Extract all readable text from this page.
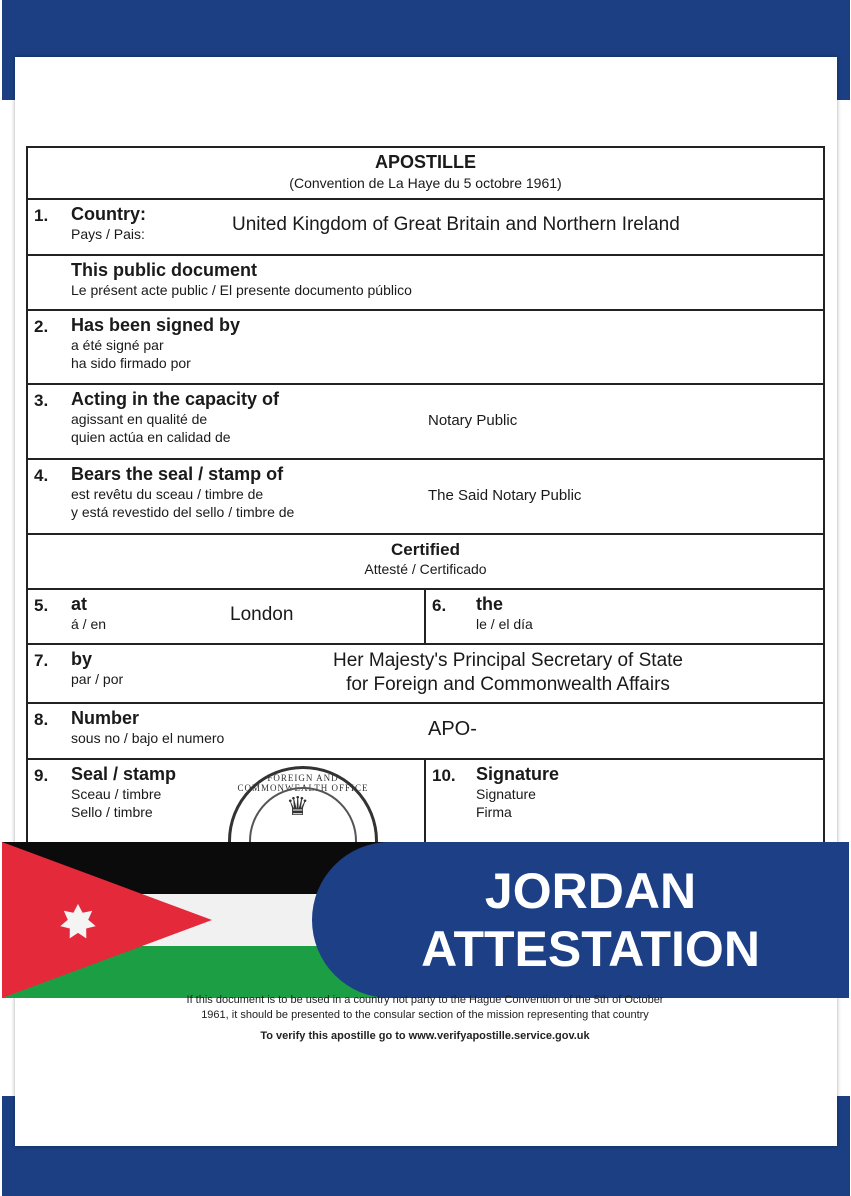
APOSTILLE
(Convention de La Haye du 5 octobre 1961)
1. Country:
Pays / Pais:	United Kingdom of Great Britain and Northern Ireland
This public document
Le présent acte public / El presente documento público
2. Has been signed by
a été signé par
ha sido firmado por
3. Acting in the capacity of
agissant en qualité de
quien actúa en calidad de
Notary Public
4. Bears the seal / stamp of
est revêtu du sceau / timbre de
y está revestido del sello / timbre de
The Said Notary Public
Certified
Attesté / Certificado
5. at
á / en	London	6. the
le / el día
7. by
par / por
Her Majesty's Principal Secretary of State
for Foreign and Commonwealth Affairs
8. Number
sous no / bajo el numero	APO-
9. Seal / stamp
Sceau / timbre
Sello / timbre
FOREIGN AND COMMONWEALTH OFFICE
♛
10. Signature
Signature
Firma
JORDAN
ATTESTATION
If this document is to be used in a country not party to the Hague Convention of the 5th of October
1961, it should be presented to the consular section of the mission representing that country
To verify this apostille go to www.verifyapostille.service.gov.uk
